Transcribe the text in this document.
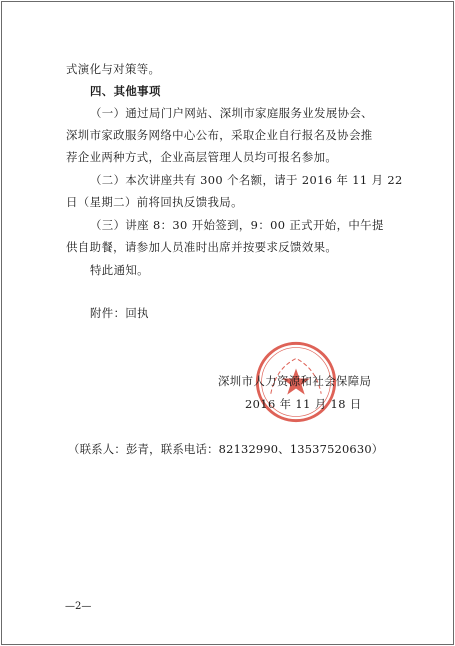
式演化与对策等。
四、其他事项
（一）通过局门户网站、深圳市家庭服务业发展协会、
深圳市家政服务网络中心公布，采取企业自行报名及协会推
荐企业两种方式，企业高层管理人员均可报名参加。
（二）本次讲座共有 300 个名额，请于 2016 年 11 月 22
日（星期二）前将回执反馈我局。
（三）讲座 8：30 开始签到，9：00 正式开始，中午提
供自助餐，请参加人员准时出席并按要求反馈效果。
特此通知。
附件：回执
深圳市人力资源和社会保障局
2016 年 11 月 18 日
（联系人：彭青，联系电话：82132990、13537520630）
—2—
